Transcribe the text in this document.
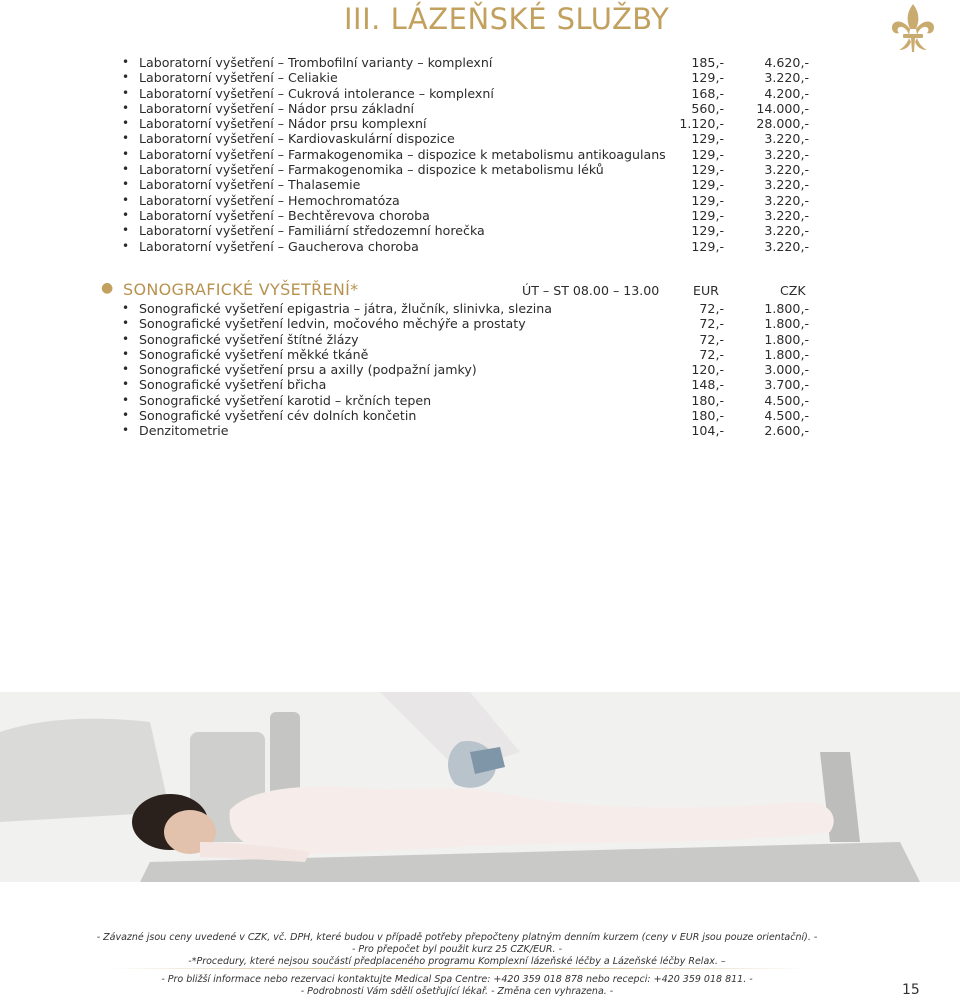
III. LÁZEŇSKÉ SLUŽBY
Laboratorní vyšetření – Trombofilní varianty – komplexní	185,-	4.620,-
Laboratorní vyšetření – Celiakie	129,-	3.220,-
Laboratorní vyšetření – Cukrová intolerance – komplexní	168,-	4.200,-
Laboratorní vyšetření – Nádor prsu základní	560,-	14.000,-
Laboratorní vyšetření – Nádor prsu komplexní	1.120,-	28.000,-
Laboratorní vyšetření – Kardiovaskulární dispozice	129,-	3.220,-
Laboratorní vyšetření – Farmakogenomika – dispozice k metabolismu antikoagulans 129,-	3.220,-
Laboratorní vyšetření – Farmakogenomika – dispozice k metabolismu léků	129,-	3.220,-
Laboratorní vyšetření – Thalasemie	129,-	3.220,-
Laboratorní vyšetření – Hemochromatóza	129,-	3.220,-
Laboratorní vyšetření – Bechtěrevova choroba	129,-	3.220,-
Laboratorní vyšetření – Familiární středozemní horečka	129,-	3.220,-
Laboratorní vyšetření – Gaucherova choroba	129,-	3.220,-
● SONOGRAFICKÉ VYŠETŘENÍ*	ÚT – ST 08.00 – 13.00	EUR	CZK
Sonografické vyšetření epigastria – játra, žlučník, slinivka, slezina	72,-	1.800,-
Sonografické vyšetření ledvin, močového měchýře a prostaty	72,-	1.800,-
Sonografické vyšetření štítné žlázy	72,-	1.800,-
Sonografické vyšetření měkké tkáně	72,-	1.800,-
Sonografické vyšetření prsu a axilly (podpažní jamky)	120,-	3.000,-
Sonografické vyšetření břicha	148,-	3.700,-
Sonografické vyšetření karotid – krčních tepen	180,-	4.500,-
Sonografické vyšetření cév dolních končetin	180,-	4.500,-
Denzitometrie	104,-	2.600,-
- Závazné jsou ceny uvedené v CZK, vč. DPH, které budou v případě potřeby přepočteny platným denním kurzem (ceny v EUR jsou pouze orientační). -
- Pro přepočet byl použit kurz 25 CZK/EUR. -
-*Procedury, které nejsou součástí předplaceného programu Komplexní lázeňské léčby a Lázeňské léčby Relax. –
- Pro bližší informace nebo rezervaci kontaktujte Medical Spa Centre: +420 359 018 878 nebo recepci: +420 359 018 811. -
- Podrobnosti Vám sdělí ošetřující lékař. - Změna cen vyhrazena. -	15
